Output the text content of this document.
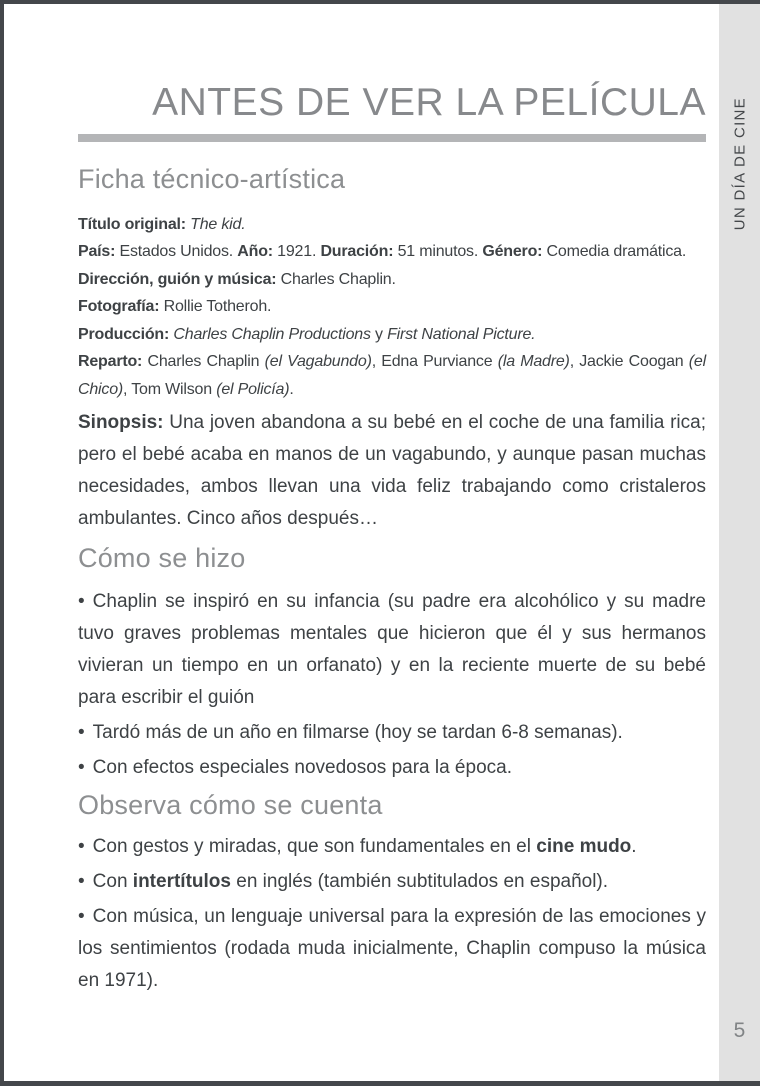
UN DÍA DE CINE
5
ANTES DE VER LA PELÍCULA
Ficha técnico-artística

Título original: The kid.

País: Estados Unidos. Año: 1921. Duración: 51 minutos. Género: Comedia dramática.

Dirección, guión y música: Charles Chaplin.

Fotografía: Rollie Totheroh.

Producción: Charles Chaplin Productions y First National Picture.

Reparto: Charles Chaplin (el Vagabundo), Edna Purviance (la Madre), Jackie Coogan (el Chico), Tom Wilson (el Policía).

Sinopsis: Una joven abandona a su bebé en el coche de una familia rica; pero el bebé acaba en manos de un vagabundo, y aunque pasan muchas necesidades, ambos llevan una vida feliz trabajando como cristaleros ambulantes. Cinco años después…

Cómo se hizo

• Chaplin se inspiró en su infancia (su padre era alcohólico y su madre tuvo graves problemas mentales que hicieron que él y sus hermanos vivieran un tiempo en un orfanato) y en la reciente muerte de su bebé para escribir el guión

• Tardó más de un año en filmarse (hoy se tardan 6-8 semanas).

• Con efectos especiales novedosos para la época.

Observa cómo se cuenta

• Con gestos y miradas, que son fundamentales en el cine mudo.

• Con intertítulos en inglés (también subtitulados en español).

• Con música, un lenguaje universal para la expresión de las emociones y los sentimientos (rodada muda inicialmente, Chaplin compuso la música en 1971).
